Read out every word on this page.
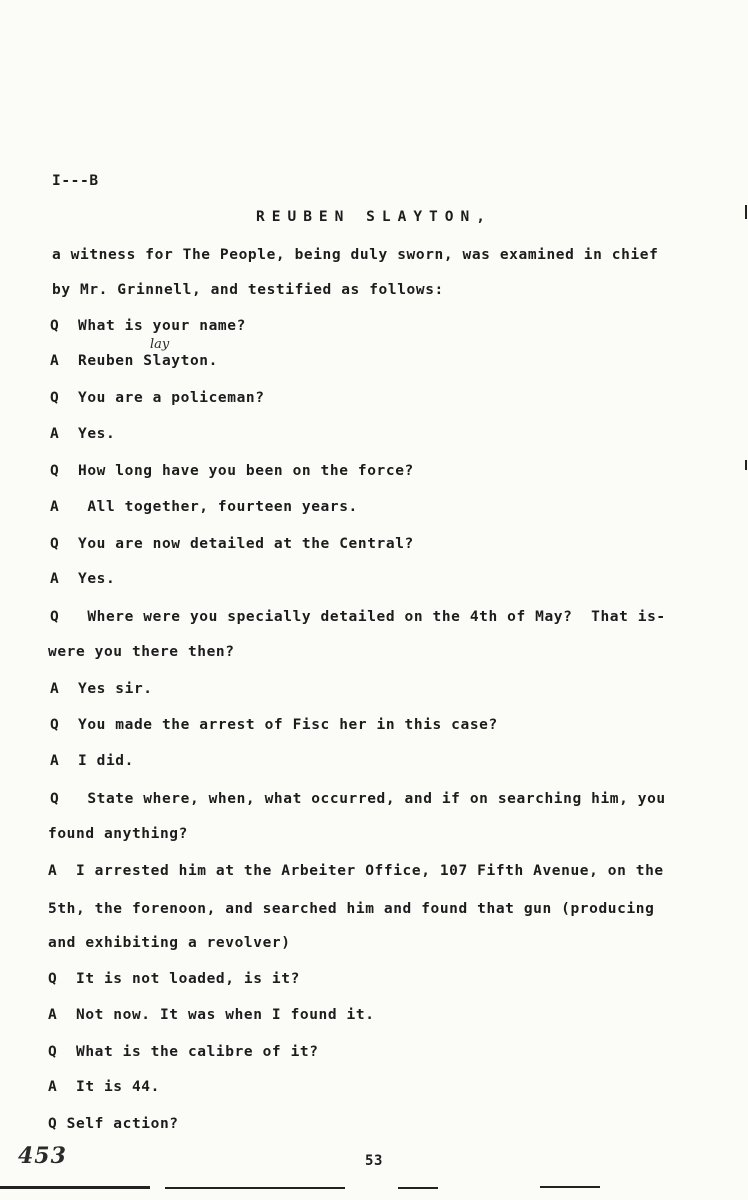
I---B
REUBEN SLAYTON,
a witness for The People, being duly sworn, was examined in chief
by Mr. Grinnell, and testified as follows:
Q  What is your name?
A  Reuben Slayton.
Q  You are a policeman?
A  Yes.
Q  How long have you been on the force?
A   All together, fourteen years.
Q  You are now detailed at the Central?
A  Yes.
Q   Where were you specially detailed on the 4th of May?  That is-
were you there then?
A  Yes sir.
Q  You made the arrest of Fisc her in this case?
A  I did.
Q   State where, when, what occurred, and if on searching him, you
found anything?
A  I arrested him at the Arbeiter Office, 107 Fifth Avenue, on the
5th, the forenoon, and searched him and found that gun (producing
and exhibiting a revolver)
Q  It is not loaded, is it?
A  Not now. It was when I found it.
Q  What is the calibre of it?
A  It is 44.
Q Self action?
lay
453	53
